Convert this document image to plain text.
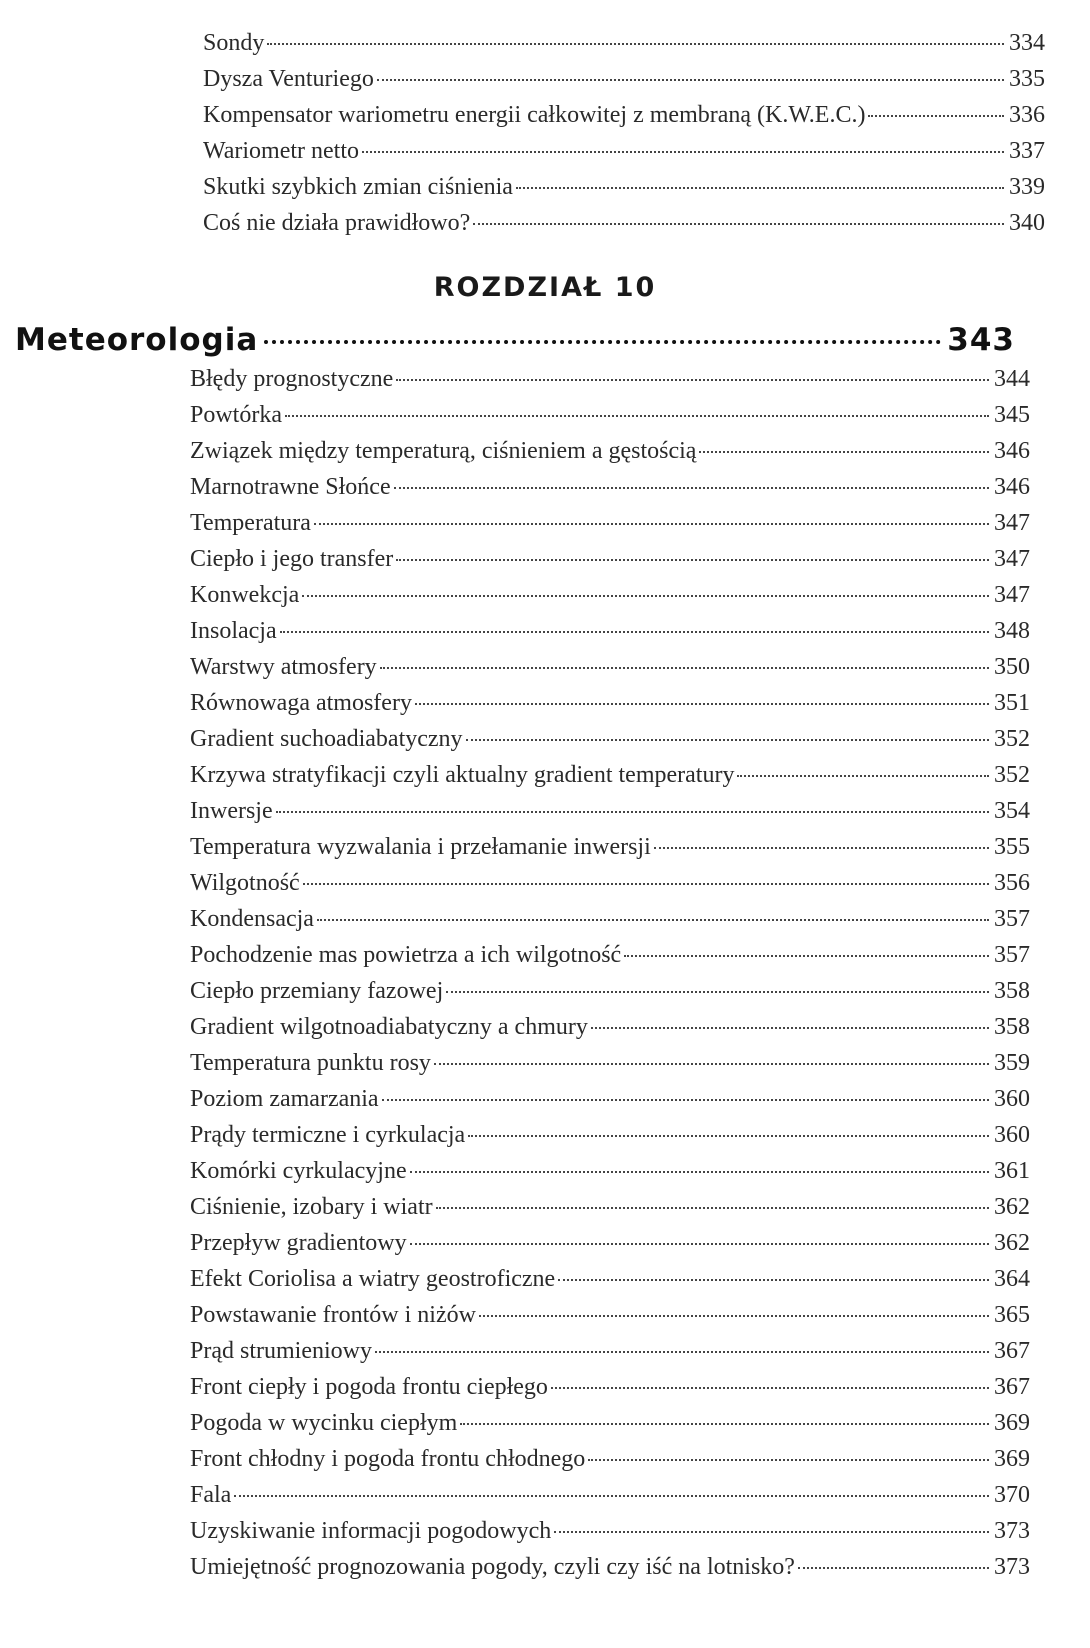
Sondy	334
Dysza Venturiego	335
Kompensator wariometru energii całkowitej z membraną (K.W.E.C.)	336
Wariometr netto	337
Skutki szybkich zmian ciśnienia	339
Coś nie działa prawidłowo?	340
ROZDZIAŁ 10
Meteorologia	343
Błędy prognostyczne	344
Powtórka	345
Związek między temperaturą, ciśnieniem a gęstością	346
Marnotrawne Słońce	346
Temperatura	347
Ciepło i jego transfer	347
Konwekcja	347
Insolacja	348
Warstwy atmosfery	350
Równowaga atmosfery	351
Gradient suchoadiabatyczny	352
Krzywa stratyfikacji czyli aktualny gradient temperatury	352
Inwersje	354
Temperatura wyzwalania i przełamanie inwersji	355
Wilgotność	356
Kondensacja	357
Pochodzenie mas powietrza a ich wilgotność	357
Ciepło przemiany fazowej	358
Gradient wilgotnoadiabatyczny a chmury	358
Temperatura punktu rosy	359
Poziom zamarzania	360
Prądy termiczne i cyrkulacja	360
Komórki cyrkulacyjne	361
Ciśnienie, izobary i wiatr	362
Przepływ gradientowy	362
Efekt Coriolisa a wiatry geostroficzne	364
Powstawanie frontów i niżów	365
Prąd strumieniowy	367
Front ciepły i pogoda frontu ciepłego	367
Pogoda w wycinku ciepłym	369
Front chłodny i pogoda frontu chłodnego	369
Fala	370
Uzyskiwanie informacji pogodowych	373
Umiejętność prognozowania pogody, czyli czy iść na lotnisko?	373
